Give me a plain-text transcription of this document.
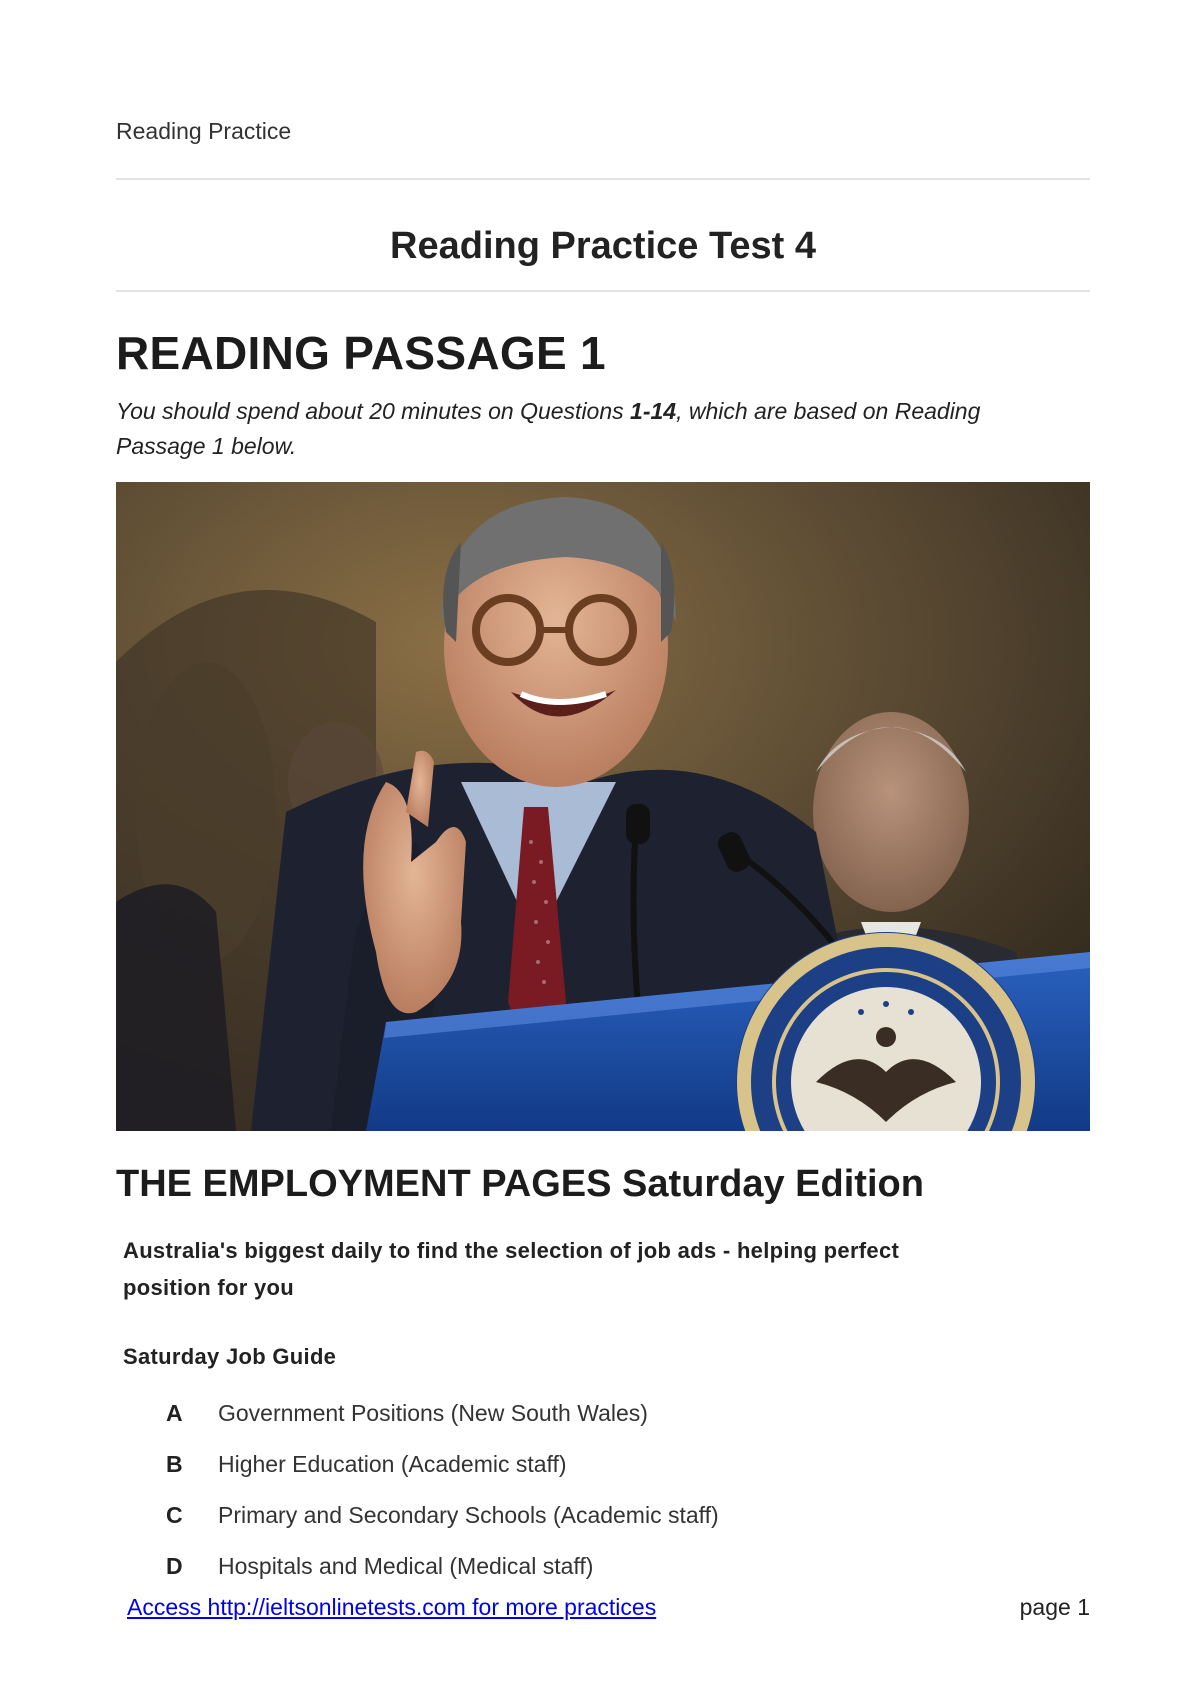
Reading Practice
Reading Practice Test 4
READING PASSAGE 1
You should spend about 20 minutes on Questions 1-14, which are based on Reading Passage 1 below.
THE EMPLOYMENT PAGES Saturday Edition
Australia's biggest daily to find the selection of job ads - helping perfect position for you
Saturday Job Guide
A	Government Positions (New South Wales)
B	Higher Education (Academic staff)
C	Primary and Secondary Schools (Academic staff)
D	Hospitals and Medical (Medical staff)
Access http://ieltsonlinetests.com for more practices	page 1
